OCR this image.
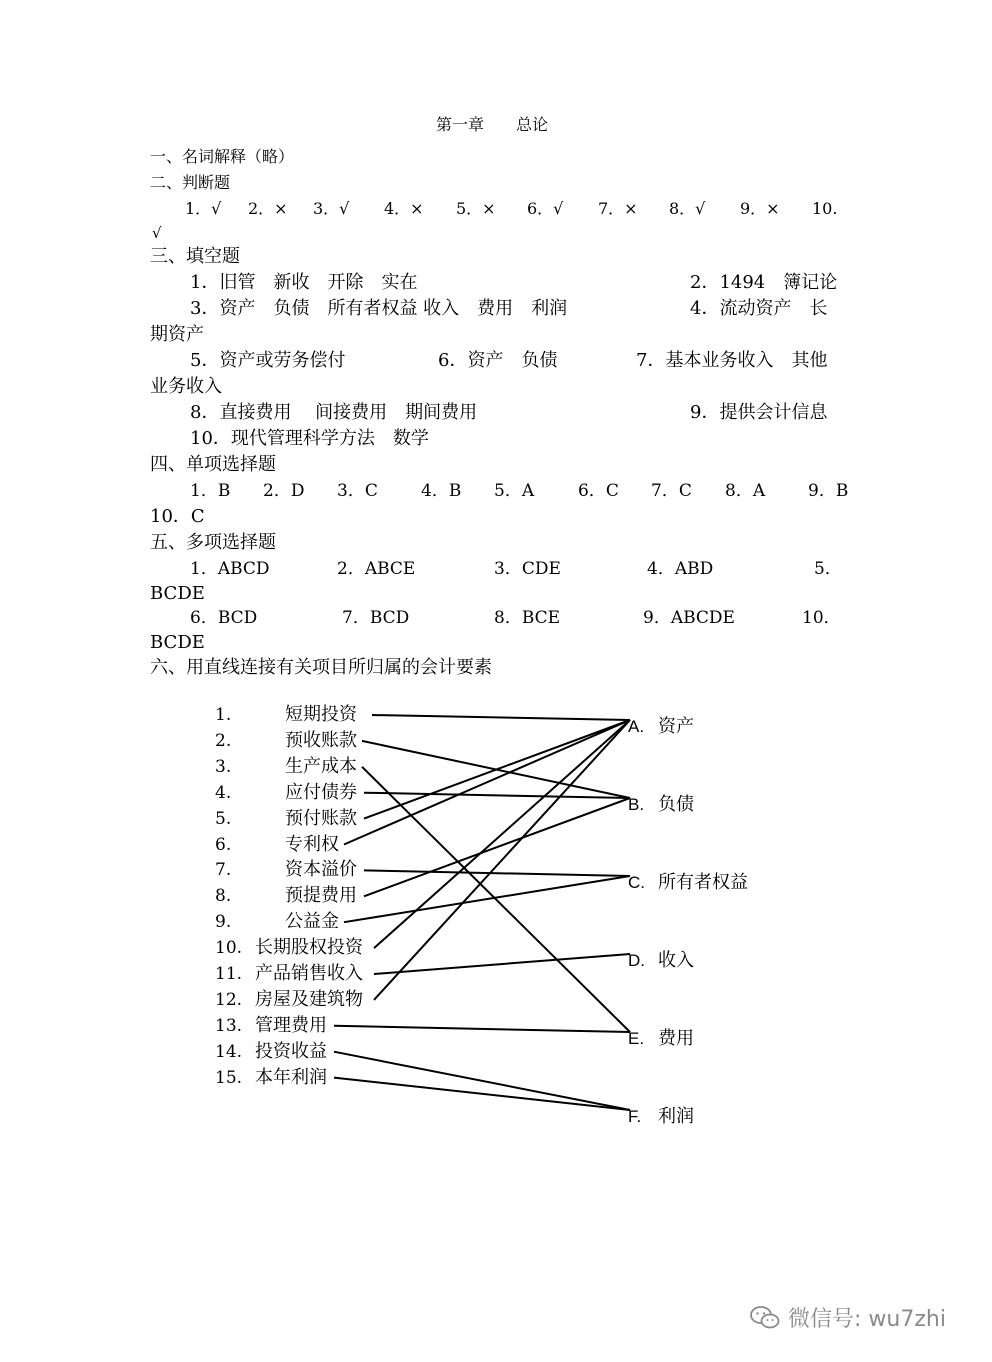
第一章　　总论
一、名词解释（略）
二、判断题
√
三、填空题
1．旧管　新收　开除　实在	2．1494　簿记论
3．资产　负债　所有者权益 收入　费用　利润	4．流动资产　长
期资产
5．资产或劳务偿付	6．资产　负债	7．基本业务收入　其他
业务收入
8．直接费用　 间接费用　期间费用	9．提供会计信息
10．现代管理科学方法　数学
四、单项选择题
10．C
五、多项选择题
BCDE
BCDE
六、用直线连接有关项目所归属的会计要素
微信号: wu7zhi
1．√ 2．× 3．√ 4．× 5．× 6．√ 7．× 8．√ 9．× 10.
1．B 2．D 3．C	4．B 5．A	6．C 7．C 8．A	9．B
1．ABCD	2．ABCE	3．CDE	4．ABD	5．
6．BCD	7．BCD	8．BCE	9．ABCDE	10．
1.	短期投资
2.	预收账款
3.	生产成本
4.	应付债券
5.	预付账款
6.	专利权
7.	资本溢价
8.	预提费用
9.	公益金
10. 长期股权投资
11. 产品销售收入
12. 房屋及建筑物
13. 管理费用
14. 投资收益
15. 本年利润
A. 资产
B. 负债
C. 所有者权益
D. 收入
E. 费用
F. 利润
